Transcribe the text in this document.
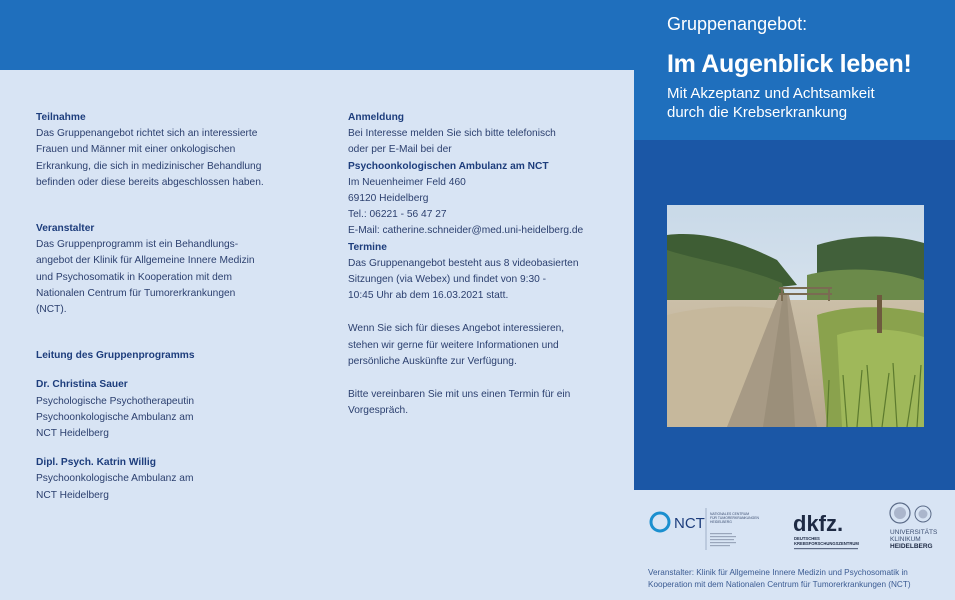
Teilnahme
Das Gruppenangebot richtet sich an interessierte
Frauen und Männer mit einer onkologischen
Erkrankung, die sich in medizinischer Behandlung
befinden oder diese bereits abgeschlossen haben.
Veranstalter
Das Gruppenprogramm ist ein Behandlungs-
angebot der Klinik für Allgemeine Innere Medizin
und Psychosomatik in Kooperation mit dem
Nationalen Centrum für Tumorerkrankungen
(NCT).
Leitung des Gruppenprogramms
Dr. Christina Sauer
Psychologische Psychotherapeutin
Psychoonkologische Ambulanz am
NCT Heidelberg
Dipl. Psych. Katrin Willig
Psychoonkologische Ambulanz am
NCT Heidelberg
Anmeldung
Bei Interesse melden Sie sich bitte telefonisch
oder per E-Mail bei der
Psychoonkologischen Ambulanz am NCT
Im Neuenheimer Feld 460
69120 Heidelberg
Tel.: 06221 - 56 47 27
E-Mail: catherine.schneider@med.uni-heidelberg.de
Termine
Das Gruppenangebot besteht aus 8 videobasierten
Sitzungen (via Webex) und findet von 9:30 -
10:45 Uhr ab dem 16.03.2021 statt.
Wenn Sie sich für dieses Angebot interessieren,
stehen wir gerne für weitere Informationen und
persönliche Auskünfte zur Verfügung.
Bitte vereinbaren Sie mit uns einen Termin für ein
Vorgespräch.
Gruppenangebot:
Im Augenblick leben!
Mit Akzeptanz und Achtsamkeit
durch die Krebserkrankung
NCT
NATIONALES CENTRUM
FÜR TUMORERKRANKUNGEN
HEIDELBERG	dkfz.
DEUTSCHES
KREBSFORSCHUNGSZENTRUM
UNIVERSITÄTS
KLINIKUM
HEIDELBERG
Veranstalter: Klinik für Allgemeine Innere Medizin und Psychosomatik in
Kooperation mit dem Nationalen Centrum für Tumorerkrankungen (NCT)
